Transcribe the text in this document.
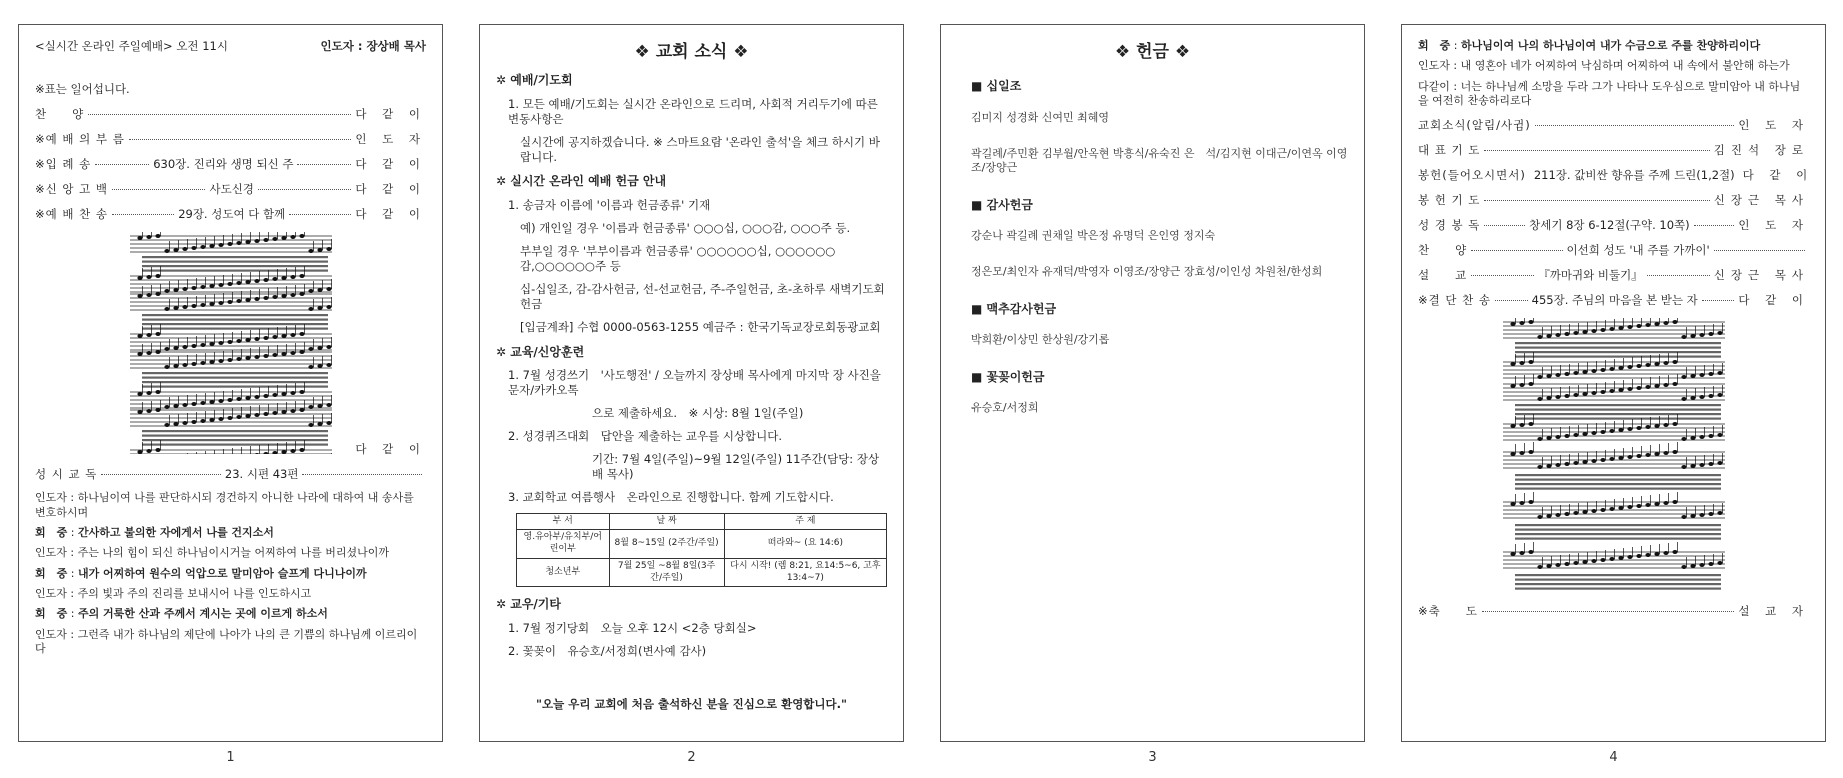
<실시간 온라인 주일예배> 오전 11시	인도자 : 장상배 목사
※표는 일어섭니다.
찬　　양	다 같 이
※예 배 의 부 름	인 도 자
※입 례 송	630장. 진리와 생명 되신 주	다 같 이
※신 앙 고 백	사도신경	다 같 이
※예 배 찬 송	29장. 성도여 다 함께	다 같 이
다 같 이
성 시 교 독	23. 시편 43편
인도자 : 하나님이여 나를 판단하시되 경건하지 아니한 나라에 대하여 내 송사를 변호하시며
회　중 : 간사하고 불의한 자에게서 나를 건지소서
인도자 : 주는 나의 힘이 되신 하나님이시거늘 어찌하여 나를 버리셨나이까
회　중 : 내가 어찌하여 원수의 억압으로 말미암아 슬프게 다니나이까
인도자 : 주의 빛과 주의 진리를 보내시어 나를 인도하시고
회　중 : 주의 거룩한 산과 주께서 계시는 곳에 이르게 하소서
인도자 : 그런즉 내가 하나님의 제단에 나아가 나의 큰 기쁨의 하나님께 이르리이다
1
❖ 교회 소식 ❖
✲ 예배/기도회
1. 모든 예배/기도회는 실시간 온라인으로 드리며, 사회적 거리두기에 따른 변동사항은
실시간에 공지하겠습니다. ※ 스마트요람 '온라인 출석'을 체크 하시기 바랍니다.
✲ 실시간 온라인 예배 헌금 안내
1. 송금자 이름에 '이름과 헌금종류' 기재
예) 개인일 경우 '이름과 헌금종류' ○○○십, ○○○감, ○○○주 등.
부부일 경우 '부부이름과 헌금종류' ○○○○○○십, ○○○○○○감,○○○○○○주 등
십-십일조, 감-감사헌금, 선-선교헌금, 주-주일헌금, 초-초하루 새벽기도회 헌금
[입금계좌] 수협 0000-0563-1255 예금주 : 한국기독교장로회동광교회
✲ 교육/신앙훈련
1. 7월 성경쓰기　'사도행전' / 오늘까지 장상배 목사에게 마지막 장 사진을 문자/카카오톡
으로 제출하세요.　※ 시상: 8월 1일(주일)
2. 성경퀴즈대회　답안을 제출하는 교우를 시상합니다.
기간: 7월 4일(주일)~9월 12일(주일) 11주간(담당: 장상배 목사)
3. 교회학교 여름행사　온라인으로 진행합니다. 함께 기도합시다.
부 서	날 짜	주 제
영.유아부/유치부/어린이부	8월 8~15일 (2주간/주일)	떠라와~ (요 14:6)
청소년부	7월 25일 ~8월 8일(3주간/주일)	다시 시작! (렘 8:21, 요14:5~6, 고후13:4~7)
✲ 교우/기타
1. 7월 정기당회　오늘 오후 12시 <2층 당회실>
2. 꽃꽂이　유승호/서정희(변사예 감사)
"오늘 우리 교회에 처음 출석하신 분을 진심으로 환영합니다."
2
❖ 헌금 ❖
■ 십일조
김미지 성경화 신여민 최혜영
곽길례/주민환 김부월/안옥현 박흥식/유숙진 은　석/김지현 이대근/이연옥 이영조/장양근
■ 감사헌금
강순나 곽길례 권채일 박은정 유명덕 은인영 정지숙
정은모/최인자 유재덕/박영자 이영조/장양근 장효성/이인성 차원천/한성희
■ 맥추감사헌금
박희환/이상민 한상원/강기롭
■ 꽃꽂이헌금
유승호/서정희
3
회　중 : 하나님이여 나의 하나님이여 내가 수금으로 주를 찬양하리이다
인도자 : 내 영혼아 네가 어찌하여 낙심하며 어찌하여 내 속에서 불안해 하는가
다같이 : 너는 하나님께 소망을 두라 그가 나타나 도우심으로 말미암아 내 하나님을 여전히 찬송하리로다
교회소식(알림/사귐)	인 도 자
대 표 기 도	김진석 장로
봉헌(들어오시면서) 211장. 값비싼 향유를 주께 드린(1,2절) 다 같 이
봉 헌 기 도	신장근 목사
성 경 봉 독	창세기 8장 6-12절(구약. 10쪽)	인 도 자
찬　　양	이선희 성도 '내 주를 가까이'
설　　교	『까마귀와 비둘기』	신장근 목사
※결 단 찬 송	455장. 주님의 마음을 본 받는 자	다 같 이
※축　　도	설 교 자
4
